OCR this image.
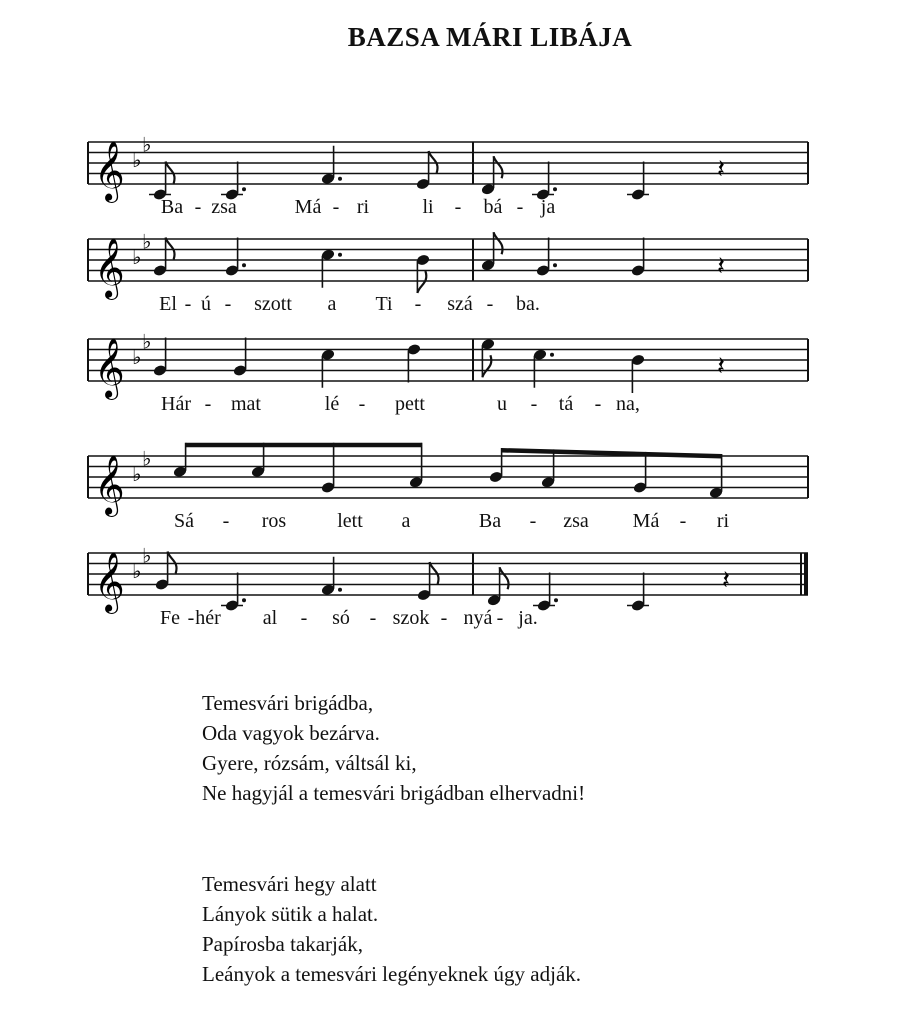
BAZSA MÁRI LIBÁJA
𝄞 ♭
♭
𝄽
Ba - zsa	Má - ri	li - bá - ja
𝄞 ♭
♭
𝄽
El - ú - szott a Ti - szá - ba.
𝄞 ♭
♭
𝄽
Hár - mat	lé - pett	u - tá - na,
𝄞 ♭
♭
Sá - ros	lett a	Ba - zsa Má - ri
𝄞 ♭
♭
𝄽
Fe - hér al - só - szok - nyá - ja.
Temesvári brigádba,
Oda vagyok bezárva.
Gyere, rózsám, váltsál ki,
Ne hagyjál a temesvári brigádban elhervadni!
Temesvári hegy alatt
Lányok sütik a halat.
Papírosba takarják,
Leányok a temesvári legényeknek úgy adják.
